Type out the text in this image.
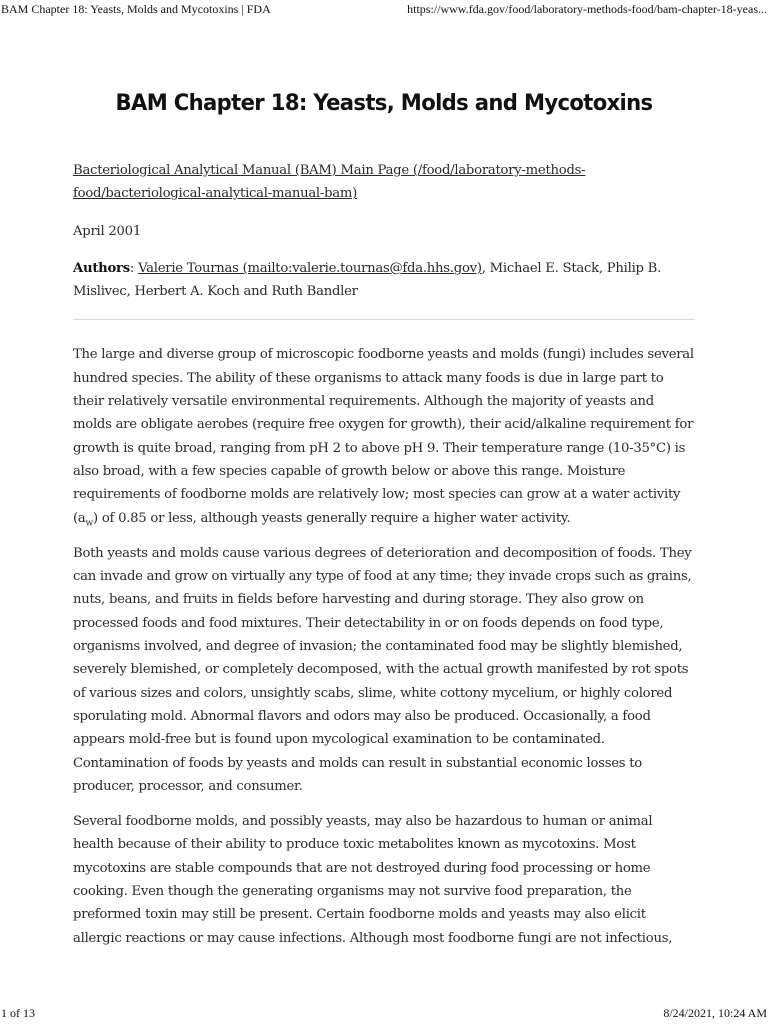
BAM Chapter 18: Yeasts, Molds and Mycotoxins | FDA	https://www.fda.gov/food/laboratory-methods-food/bam-chapter-18-yeas...
BAM Chapter 18: Yeasts, Molds and Mycotoxins

Bacteriological Analytical Manual (BAM) Main Page (/food/laboratory-methods-food/bacteriological-analytical-manual-bam)

April 2001

Authors: Valerie Tournas (mailto:valerie.tournas@fda.hhs.gov), Michael E. Stack, Philip B. Mislivec, Herbert A. Koch and Ruth Bandler

The large and diverse group of microscopic foodborne yeasts and molds (fungi) includes several hundred species. The ability of these organisms to attack many foods is due in large part to their relatively versatile environmental requirements. Although the majority of yeasts and molds are obligate aerobes (require free oxygen for growth), their acid/alkaline requirement for growth is quite broad, ranging from pH 2 to above pH 9. Their temperature range (10-35°C) is also broad, with a few species capable of growth below or above this range. Moisture requirements of foodborne molds are relatively low; most species can grow at a water activity $(a_w)$ of 0.85 or less, although yeasts generally require a higher water activity.

Both yeasts and molds cause various degrees of deterioration and decomposition of foods. They can invade and grow on virtually any type of food at any time; they invade crops such as grains, nuts, beans, and fruits in fields before harvesting and during storage. They also grow on processed foods and food mixtures. Their detectability in or on foods depends on food type, organisms involved, and degree of invasion; the contaminated food may be slightly blemished, severely blemished, or completely decomposed, with the actual growth manifested by rot spots of various sizes and colors, unsightly scabs, slime, white cottony mycelium, or highly colored sporulating mold. Abnormal flavors and odors may also be produced. Occasionally, a food appears mold-free but is found upon mycological examination to be contaminated. Contamination of foods by yeasts and molds can result in substantial economic losses to producer, processor, and consumer.

Several foodborne molds, and possibly yeasts, may also be hazardous to human or animal health because of their ability to produce toxic metabolites known as mycotoxins. Most mycotoxins are stable compounds that are not destroyed during food processing or home cooking. Even though the generating organisms may not survive food preparation, the preformed toxin may still be present. Certain foodborne molds and yeasts may also elicit allergic reactions or may cause infections. Although most foodborne fungi are not infectious,

1 of 13	8/24/2021, 10:24 AM
